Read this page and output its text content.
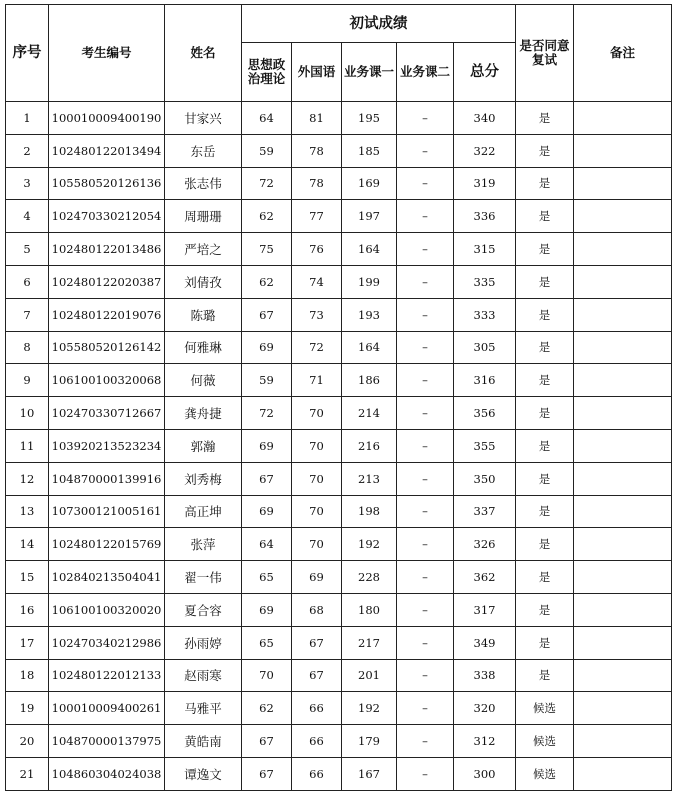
序号	考生编号	姓名	初试成绩					是否同意复试	备注
			思想政治理论	外国语	业务课一	业务课二	总分		
1	100010009400190	甘家兴	64	81	195	–	340	是	
2	102480122013494	东岳	59	78	185	–	322	是	
3	105580520126136	张志伟	72	78	169	–	319	是	
4	102470330212054	周珊珊	62	77	197	–	336	是	
5	102480122013486	严培之	75	76	164	–	315	是	
6	102480122020387	刘倩孜	62	74	199	–	335	是	
7	102480122019076	陈璐	67	73	193	–	333	是	
8	105580520126142	何雅琳	69	72	164	–	305	是	
9	106100100320068	何薇	59	71	186	–	316	是	
10	102470330712667	龚舟捷	72	70	214	–	356	是	
11	103920213523234	郭瀚	69	70	216	–	355	是	
12	104870000139916	刘秀梅	67	70	213	–	350	是	
13	107300121005161	高正坤	69	70	198	–	337	是	
14	102480122015769	张萍	64	70	192	–	326	是	
15	102840213504041	翟一伟	65	69	228	–	362	是	
16	106100100320020	夏合容	69	68	180	–	317	是	
17	102470340212986	孙雨婷	65	67	217	–	349	是	
18	102480122012133	赵雨寒	70	67	201	–	338	是	
19	100010009400261	马雅平	62	66	192	–	320	候选	
20	104870000137975	黄皓南	67	66	179	–	312	候选	
21	104860304024038	谭逸文	67	66	167	–	300	候选	
